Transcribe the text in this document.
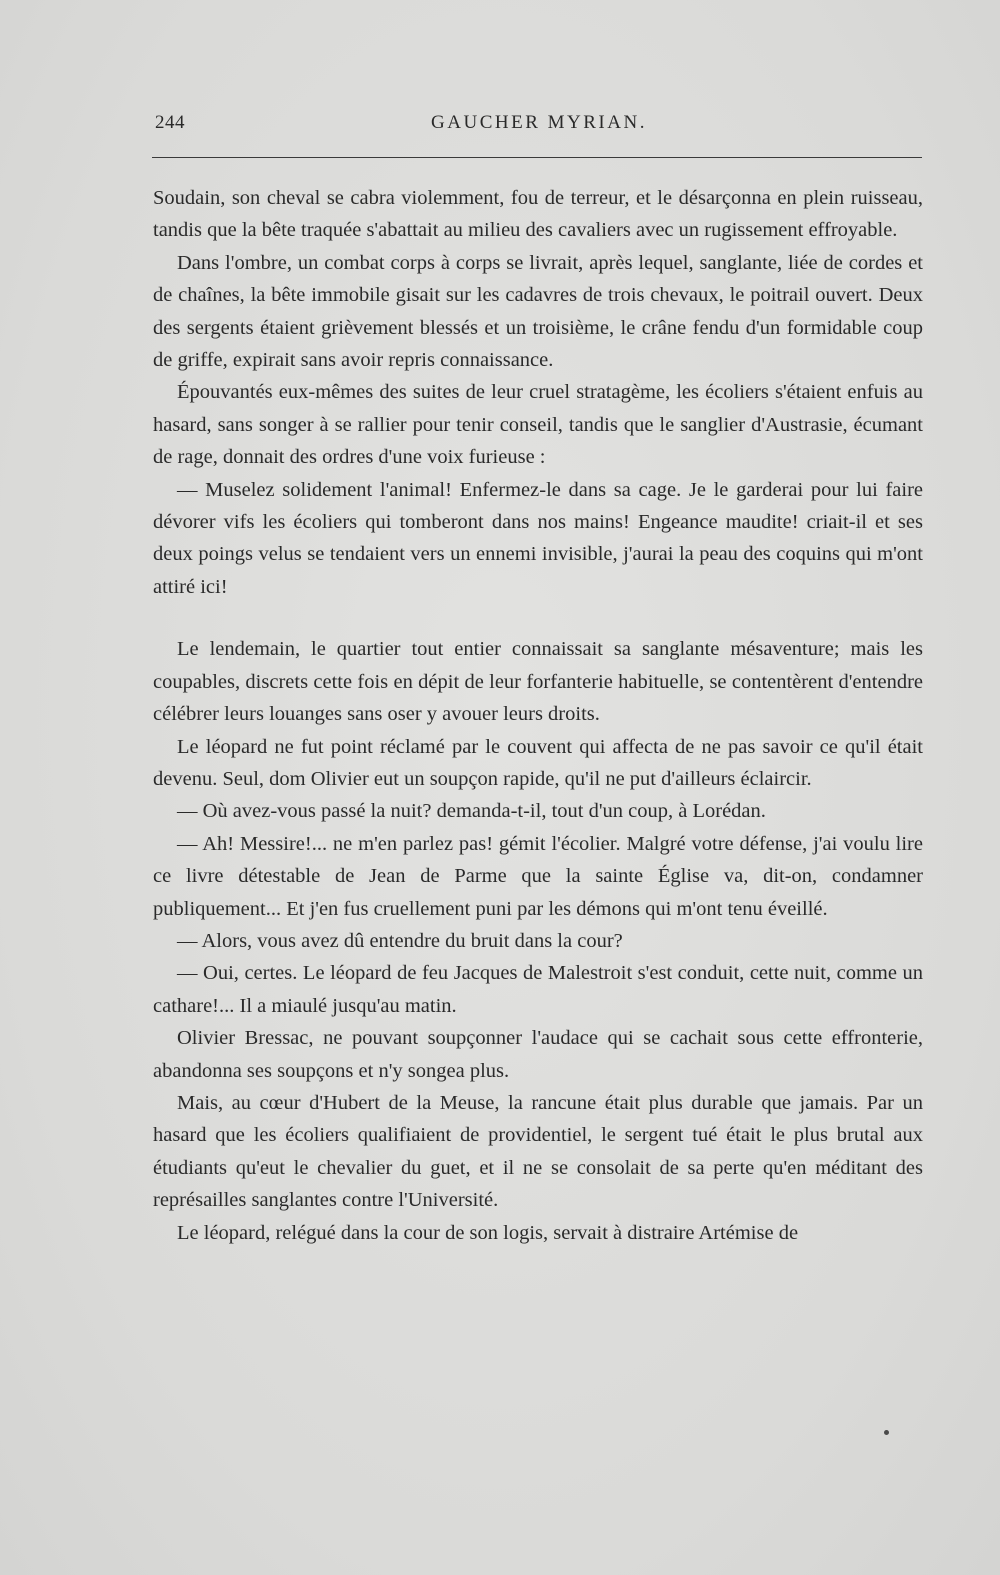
244	GAUCHER MYRIAN.

Soudain, son cheval se cabra violemment, fou de terreur, et le désarçonna en plein ruisseau, tandis que la bête traquée s'abattait au milieu des cavaliers avec un rugissement effroyable.

Dans l'ombre, un combat corps à corps se livrait, après lequel, sanglante, liée de cordes et de chaînes, la bête immobile gisait sur les cadavres de trois chevaux, le poitrail ouvert. Deux des sergents étaient grièvement blessés et un troisième, le crâne fendu d'un formidable coup de griffe, expirait sans avoir repris connaissance.

Épouvantés eux-mêmes des suites de leur cruel stratagème, les écoliers s'étaient enfuis au hasard, sans songer à se rallier pour tenir conseil, tandis que le sanglier d'Austrasie, écumant de rage, donnait des ordres d'une voix furieuse :

— Muselez solidement l'animal! Enfermez-le dans sa cage. Je le garderai pour lui faire dévorer vifs les écoliers qui tomberont dans nos mains! Engeance maudite! criait-il et ses deux poings velus se tendaient vers un ennemi invisible, j'aurai la peau des coquins qui m'ont attiré ici!

Le lendemain, le quartier tout entier connaissait sa sanglante mésaventure; mais les coupables, discrets cette fois en dépit de leur forfanterie habituelle, se contentèrent d'entendre célébrer leurs louanges sans oser y avouer leurs droits.

Le léopard ne fut point réclamé par le couvent qui affecta de ne pas savoir ce qu'il était devenu. Seul, dom Olivier eut un soupçon rapide, qu'il ne put d'ailleurs éclaircir.

— Où avez-vous passé la nuit? demanda-t-il, tout d'un coup, à Lorédan.

— Ah! Messire!... ne m'en parlez pas! gémit l'écolier. Malgré votre défense, j'ai voulu lire ce livre détestable de Jean de Parme que la sainte Église va, dit-on, condamner publiquement... Et j'en fus cruellement puni par les démons qui m'ont tenu éveillé.

— Alors, vous avez dû entendre du bruit dans la cour?

— Oui, certes. Le léopard de feu Jacques de Malestroit s'est conduit, cette nuit, comme un cathare!... Il a miaulé jusqu'au matin.

Olivier Bressac, ne pouvant soupçonner l'audace qui se cachait sous cette effronterie, abandonna ses soupçons et n'y songea plus.

Mais, au cœur d'Hubert de la Meuse, la rancune était plus durable que jamais. Par un hasard que les écoliers qualifiaient de providentiel, le sergent tué était le plus brutal aux étudiants qu'eut le chevalier du guet, et il ne se consolait de sa perte qu'en méditant des représailles sanglantes contre l'Université.

Le léopard, relégué dans la cour de son logis, servait à distraire Artémise de
